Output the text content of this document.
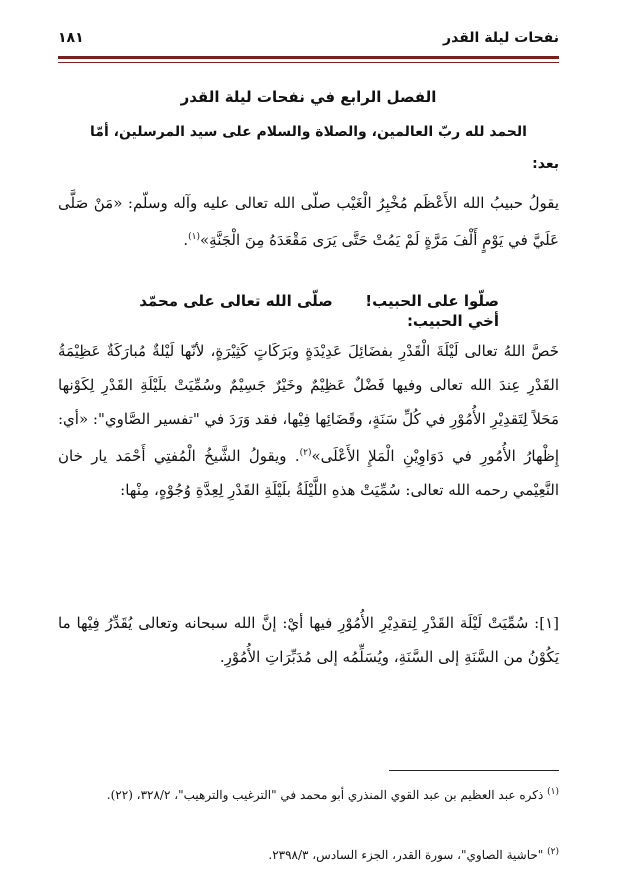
نفحات ليلة القدر
١٨١
الفصل الرابع في نفحات ليلة القدر
الحمد لله ربّ العالمين، والصلاة والسلام على سيد المرسلين، أمّا
بعد:
يقولُ حبيبُ الله الأَعْظَم مُخْبِرُ الْغَيْب صلّى الله تعالى عليه وآله وسلّم: «مَنْ صَلَّى عَلَيَّ في يَوْمٍ أَلْفَ مَرَّةٍ لَمْ يَمُتْ حَتَّى يَرَى مَقْعَدَهُ مِنَ الْجَنَّةِ»$^{(١)}$.
صلّوا على الحبيب!  صلّى الله تعالى على محمّد
أخي الحبيب:
خَصَّ اللهُ تعالى لَيْلَةَ الْقَدْرِ بفضَائِلَ عَدِيْدَةٍ وبَرَكَاتٍ كَثِيْرَةٍ، لأنّها لَيْلةٌ مُبارَكَةٌ عَظِيْمَةُ القَدْرِ عِندَ الله تعالى وفيها فَضْلٌ عَظِيْمٌ وخَيْرٌ جَسِيْمٌ وسُمِّيَتْ بلَيْلَةِ القَدْرِ لِكَوْنها مَحَلاً لِتَقدِيْرِ الأُمُوْرِ في كُلِّ سَنَةٍ، وقَضَائِها فِيْها، فقد وَرَدَ في "تفسير الصَّاوي": «أي: إِظْهارُ الأُمُورِ في دَوَاوِيْنِ الْمَلإِ الأَعْلَى»$^{(٢)}$. ويقولُ الشَّيخُ الْمُفتِي أَحْمَد يار خان النَّعِيْمي رحمه الله تعالى: سُمِّيَتْ هذهِ اللَّيْلَةُ بلَيْلَةِ القَدْرِ لِعِدَّةِ وُجُوْهٍ، مِنْها:
[١]: سُمِّيَتْ لَيْلَة القَدْرِ لِتقدِيْرِ الأُمُوْرِ فيها أيْ: إنَّ الله سبحانه وتعالى يُقَدِّرُ فِيْها ما يَكُوْنُ من السَّنَةِ إلى السَّنَةِ، ويُسَلِّمُه إلى مُدَبِّرَاتِ الأُمُوْرِ.
$^{(١)}$ ذكره عبد العظيم بن عبد القوي المنذري أبو محمد في "الترغيب والترهيب"، ٣٢٨/٢، (٢٢).
$^{(٢)}$ "حاشية الصاوي"، سورة القدر، الجزء السادس، ٢٣٩٨/٣.
